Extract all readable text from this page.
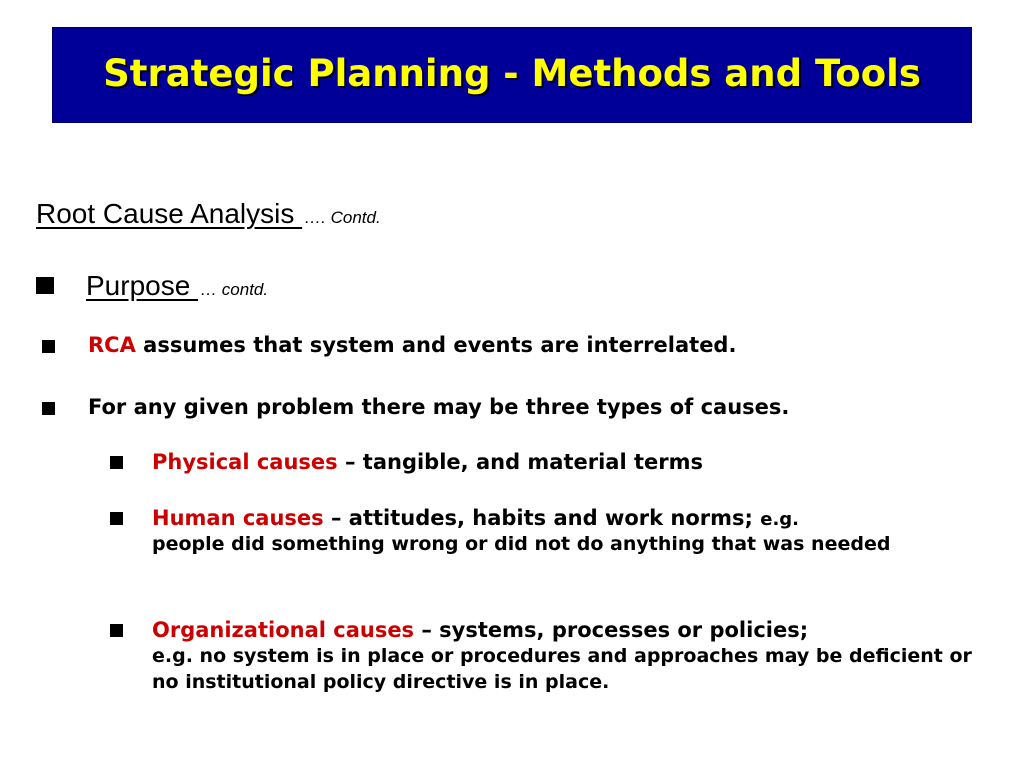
Strategic Planning - Methods and Tools
Root Cause Analysis …. Contd.
Purpose … contd.
RCA assumes that system and events are interrelated.
For any given problem there may be three types of causes.
Physical causes – tangible, and material terms
Human causes – attitudes, habits and work norms; e.g.
people did something wrong or did not do anything that was needed
Organizational causes – systems, processes or policies;
e.g. no system is in place or procedures and approaches may be deficient or no institutional policy directive is in place.
